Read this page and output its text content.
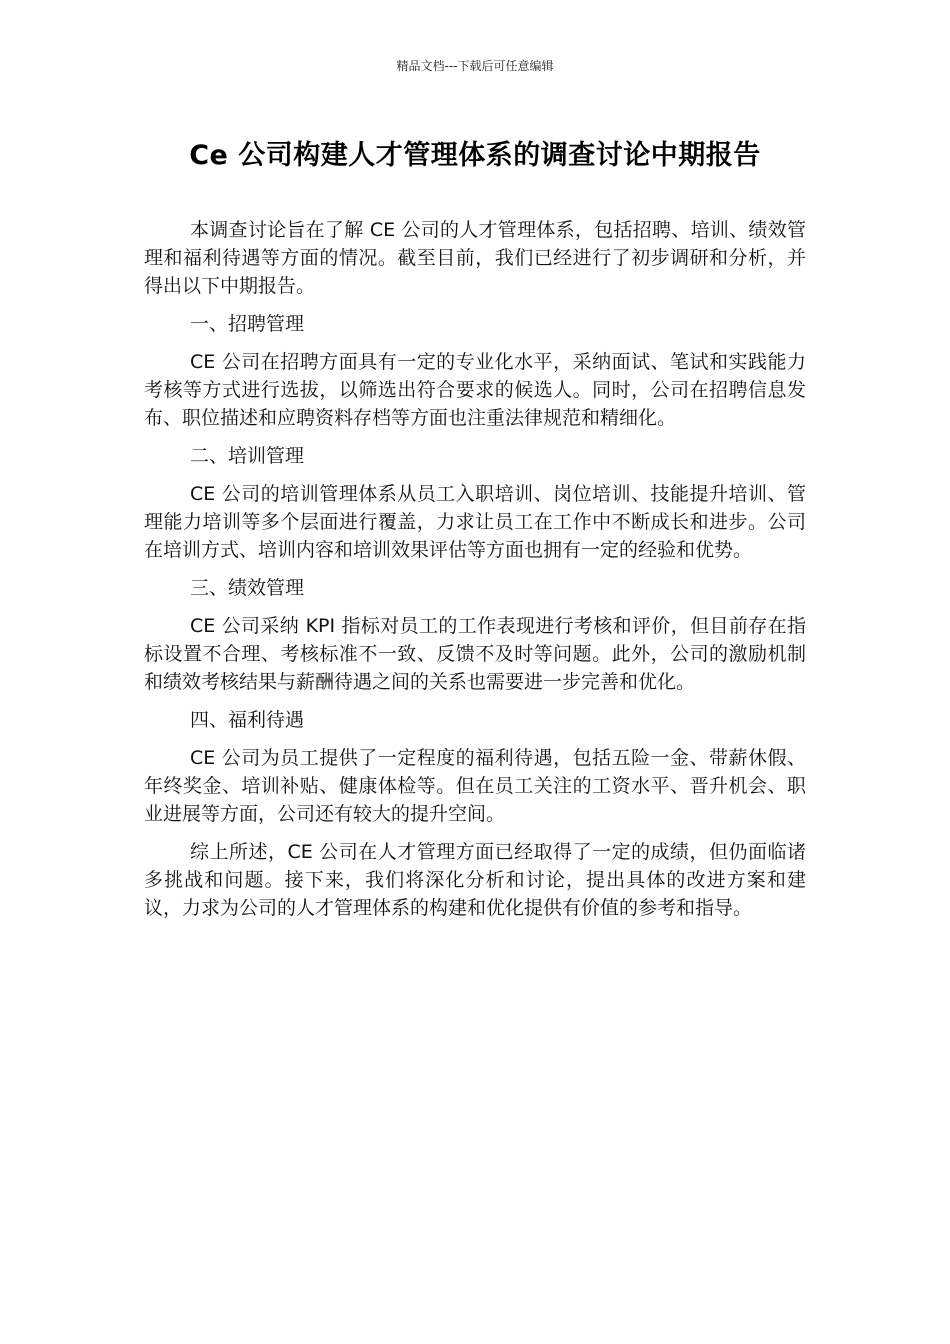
精品文档---下载后可任意编辑
Ce 公司构建人才管理体系的调查讨论中期报告

本调查讨论旨在了解 CE 公司的人才管理体系，包括招聘、培训、绩效管理和福利待遇等方面的情况。截至目前，我们已经进行了初步调研和分析，并得出以下中期报告。

一、招聘管理

CE 公司在招聘方面具有一定的专业化水平，采纳面试、笔试和实践能力考核等方式进行选拔，以筛选出符合要求的候选人。同时，公司在招聘信息发布、职位描述和应聘资料存档等方面也注重法律规范和精细化。

二、培训管理

CE 公司的培训管理体系从员工入职培训、岗位培训、技能提升培训、管理能力培训等多个层面进行覆盖，力求让员工在工作中不断成长和进步。公司在培训方式、培训内容和培训效果评估等方面也拥有一定的经验和优势。

三、绩效管理

CE 公司采纳 KPI 指标对员工的工作表现进行考核和评价，但目前存在指标设置不合理、考核标准不一致、反馈不及时等问题。此外，公司的激励机制和绩效考核结果与薪酬待遇之间的关系也需要进一步完善和优化。

四、福利待遇

CE 公司为员工提供了一定程度的福利待遇，包括五险一金、带薪休假、年终奖金、培训补贴、健康体检等。但在员工关注的工资水平、晋升机会、职业进展等方面，公司还有较大的提升空间。

综上所述，CE 公司在人才管理方面已经取得了一定的成绩，但仍面临诸多挑战和问题。接下来，我们将深化分析和讨论，提出具体的改进方案和建议，力求为公司的人才管理体系的构建和优化提供有价值的参考和指导。
